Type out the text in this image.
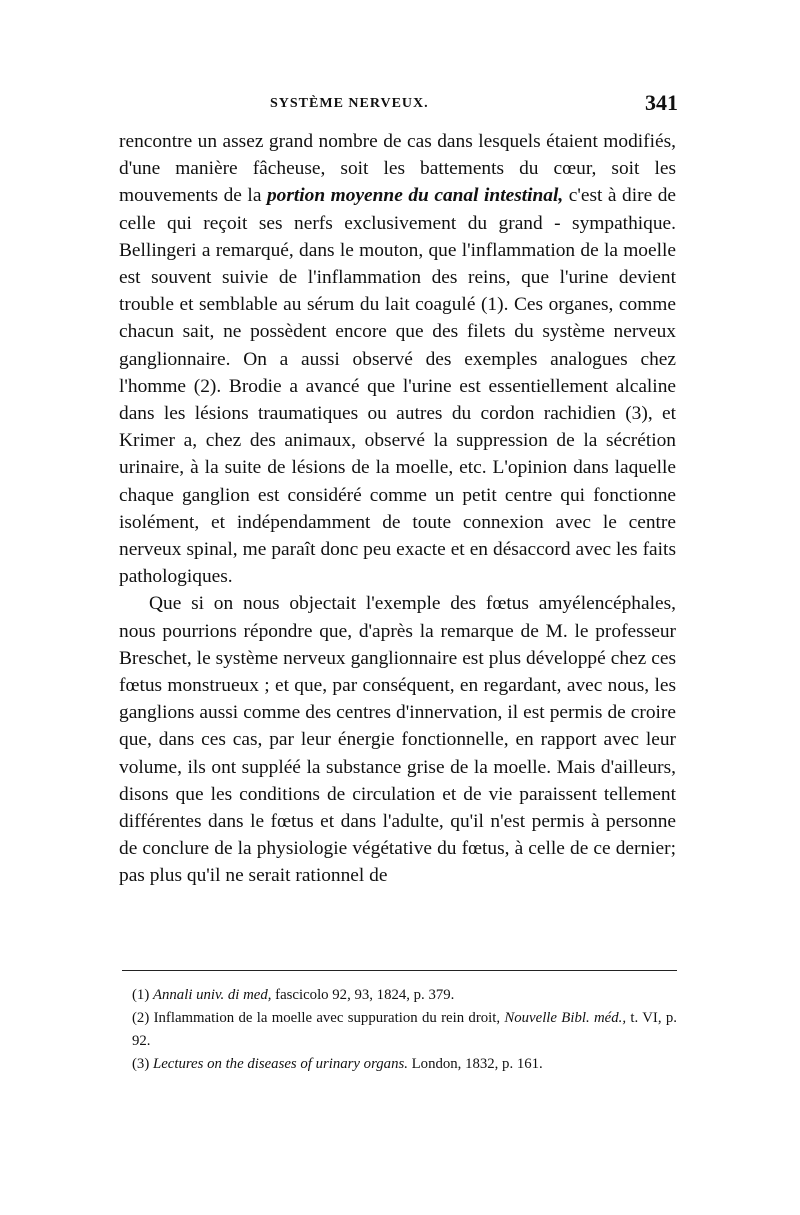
SYSTÈME NERVEUX.	341

rencontre un assez grand nombre de cas dans lesquels étaient modifiés, d'une manière fâcheuse, soit les battements du cœur, soit les mouvements de la portion moyenne du canal intestinal, c'est à dire de celle qui reçoit ses nerfs exclusivement du grand - sympathique. Bellingeri a remarqué, dans le mouton, que l'inflammation de la moelle est souvent suivie de l'inflammation des reins, que l'urine devient trouble et semblable au sérum du lait coagulé (1). Ces organes, comme chacun sait, ne possèdent encore que des filets du système nerveux ganglionnaire. On a aussi observé des exemples analogues chez l'homme (2). Brodie a avancé que l'urine est essentiellement alcaline dans les lésions traumatiques ou autres du cordon rachidien (3), et Krimer a, chez des animaux, observé la suppression de la sécrétion urinaire, à la suite de lésions de la moelle, etc. L'opinion dans laquelle chaque ganglion est considéré comme un petit centre qui fonctionne isolément, et indépendamment de toute connexion avec le centre nerveux spinal, me paraît donc peu exacte et en désaccord avec les faits pathologiques.

Que si on nous objectait l'exemple des fœtus amyélencéphales, nous pourrions répondre que, d'après la remarque de M. le professeur Breschet, le système nerveux ganglionnaire est plus développé chez ces fœtus monstrueux ; et que, par conséquent, en regardant, avec nous, les ganglions aussi comme des centres d'innervation, il est permis de croire que, dans ces cas, par leur énergie fonctionnelle, en rapport avec leur volume, ils ont suppléé la substance grise de la moelle. Mais d'ailleurs, disons que les conditions de circulation et de vie paraissent tellement différentes dans le fœtus et dans l'adulte, qu'il n'est permis à personne de conclure de la physiologie végétative du fœtus, à celle de ce dernier; pas plus qu'il ne serait rationnel de

(1) Annali univ. di med, fascicolo 92, 93, 1824, p. 379.

(2) Inflammation de la moelle avec suppuration du rein droit, Nouvelle Bibl. méd., t. VI, p. 92.

(3) Lectures on the diseases of urinary organs. London, 1832, p. 161.
